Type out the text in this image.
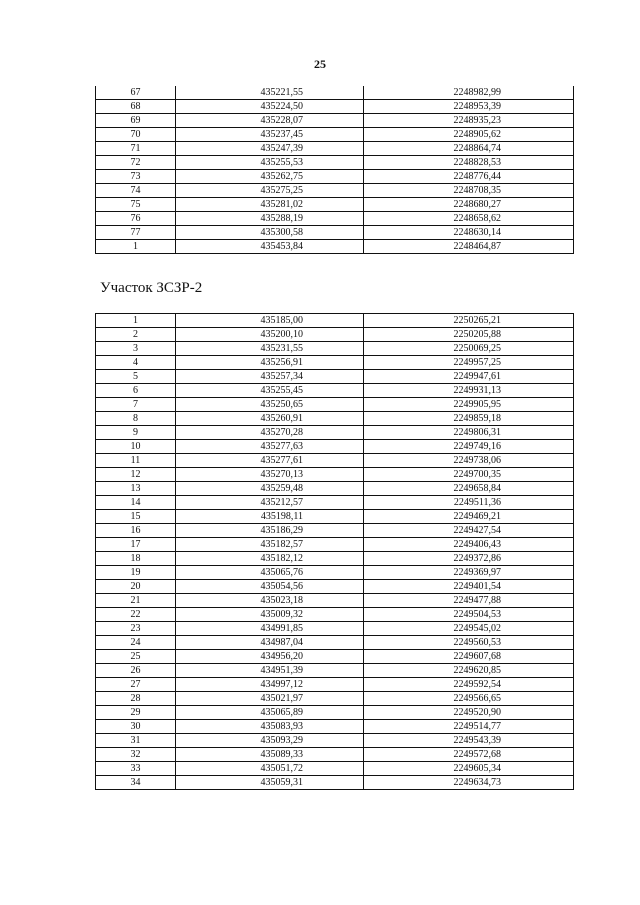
25
67	435221,55	2248982,99
68	435224,50	2248953,39
69	435228,07	2248935,23
70	435237,45	2248905,62
71	435247,39	2248864,74
72	435255,53	2248828,53
73	435262,75	2248776,44
74	435275,25	2248708,35
75	435281,02	2248680,27
76	435288,19	2248658,62
77	435300,58	2248630,14
1	435453,84	2248464,87
Участок ЗСЗР-2
1	435185,00	2250265,21
2	435200,10	2250205,88
3	435231,55	2250069,25
4	435256,91	2249957,25
5	435257,34	2249947,61
6	435255,45	2249931,13
7	435250,65	2249905,95
8	435260,91	2249859,18
9	435270,28	2249806,31
10	435277,63	2249749,16
11	435277,61	2249738,06
12	435270,13	2249700,35
13	435259,48	2249658,84
14	435212,57	2249511,36
15	435198,11	2249469,21
16	435186,29	2249427,54
17	435182,57	2249406,43
18	435182,12	2249372,86
19	435065,76	2249369,97
20	435054,56	2249401,54
21	435023,18	2249477,88
22	435009,32	2249504,53
23	434991,85	2249545,02
24	434987,04	2249560,53
25	434956,20	2249607,68
26	434951,39	2249620,85
27	434997,12	2249592,54
28	435021,97	2249566,65
29	435065,89	2249520,90
30	435083,93	2249514,77
31	435093,29	2249543,39
32	435089,33	2249572,68
33	435051,72	2249605,34
34	435059,31	2249634,73
